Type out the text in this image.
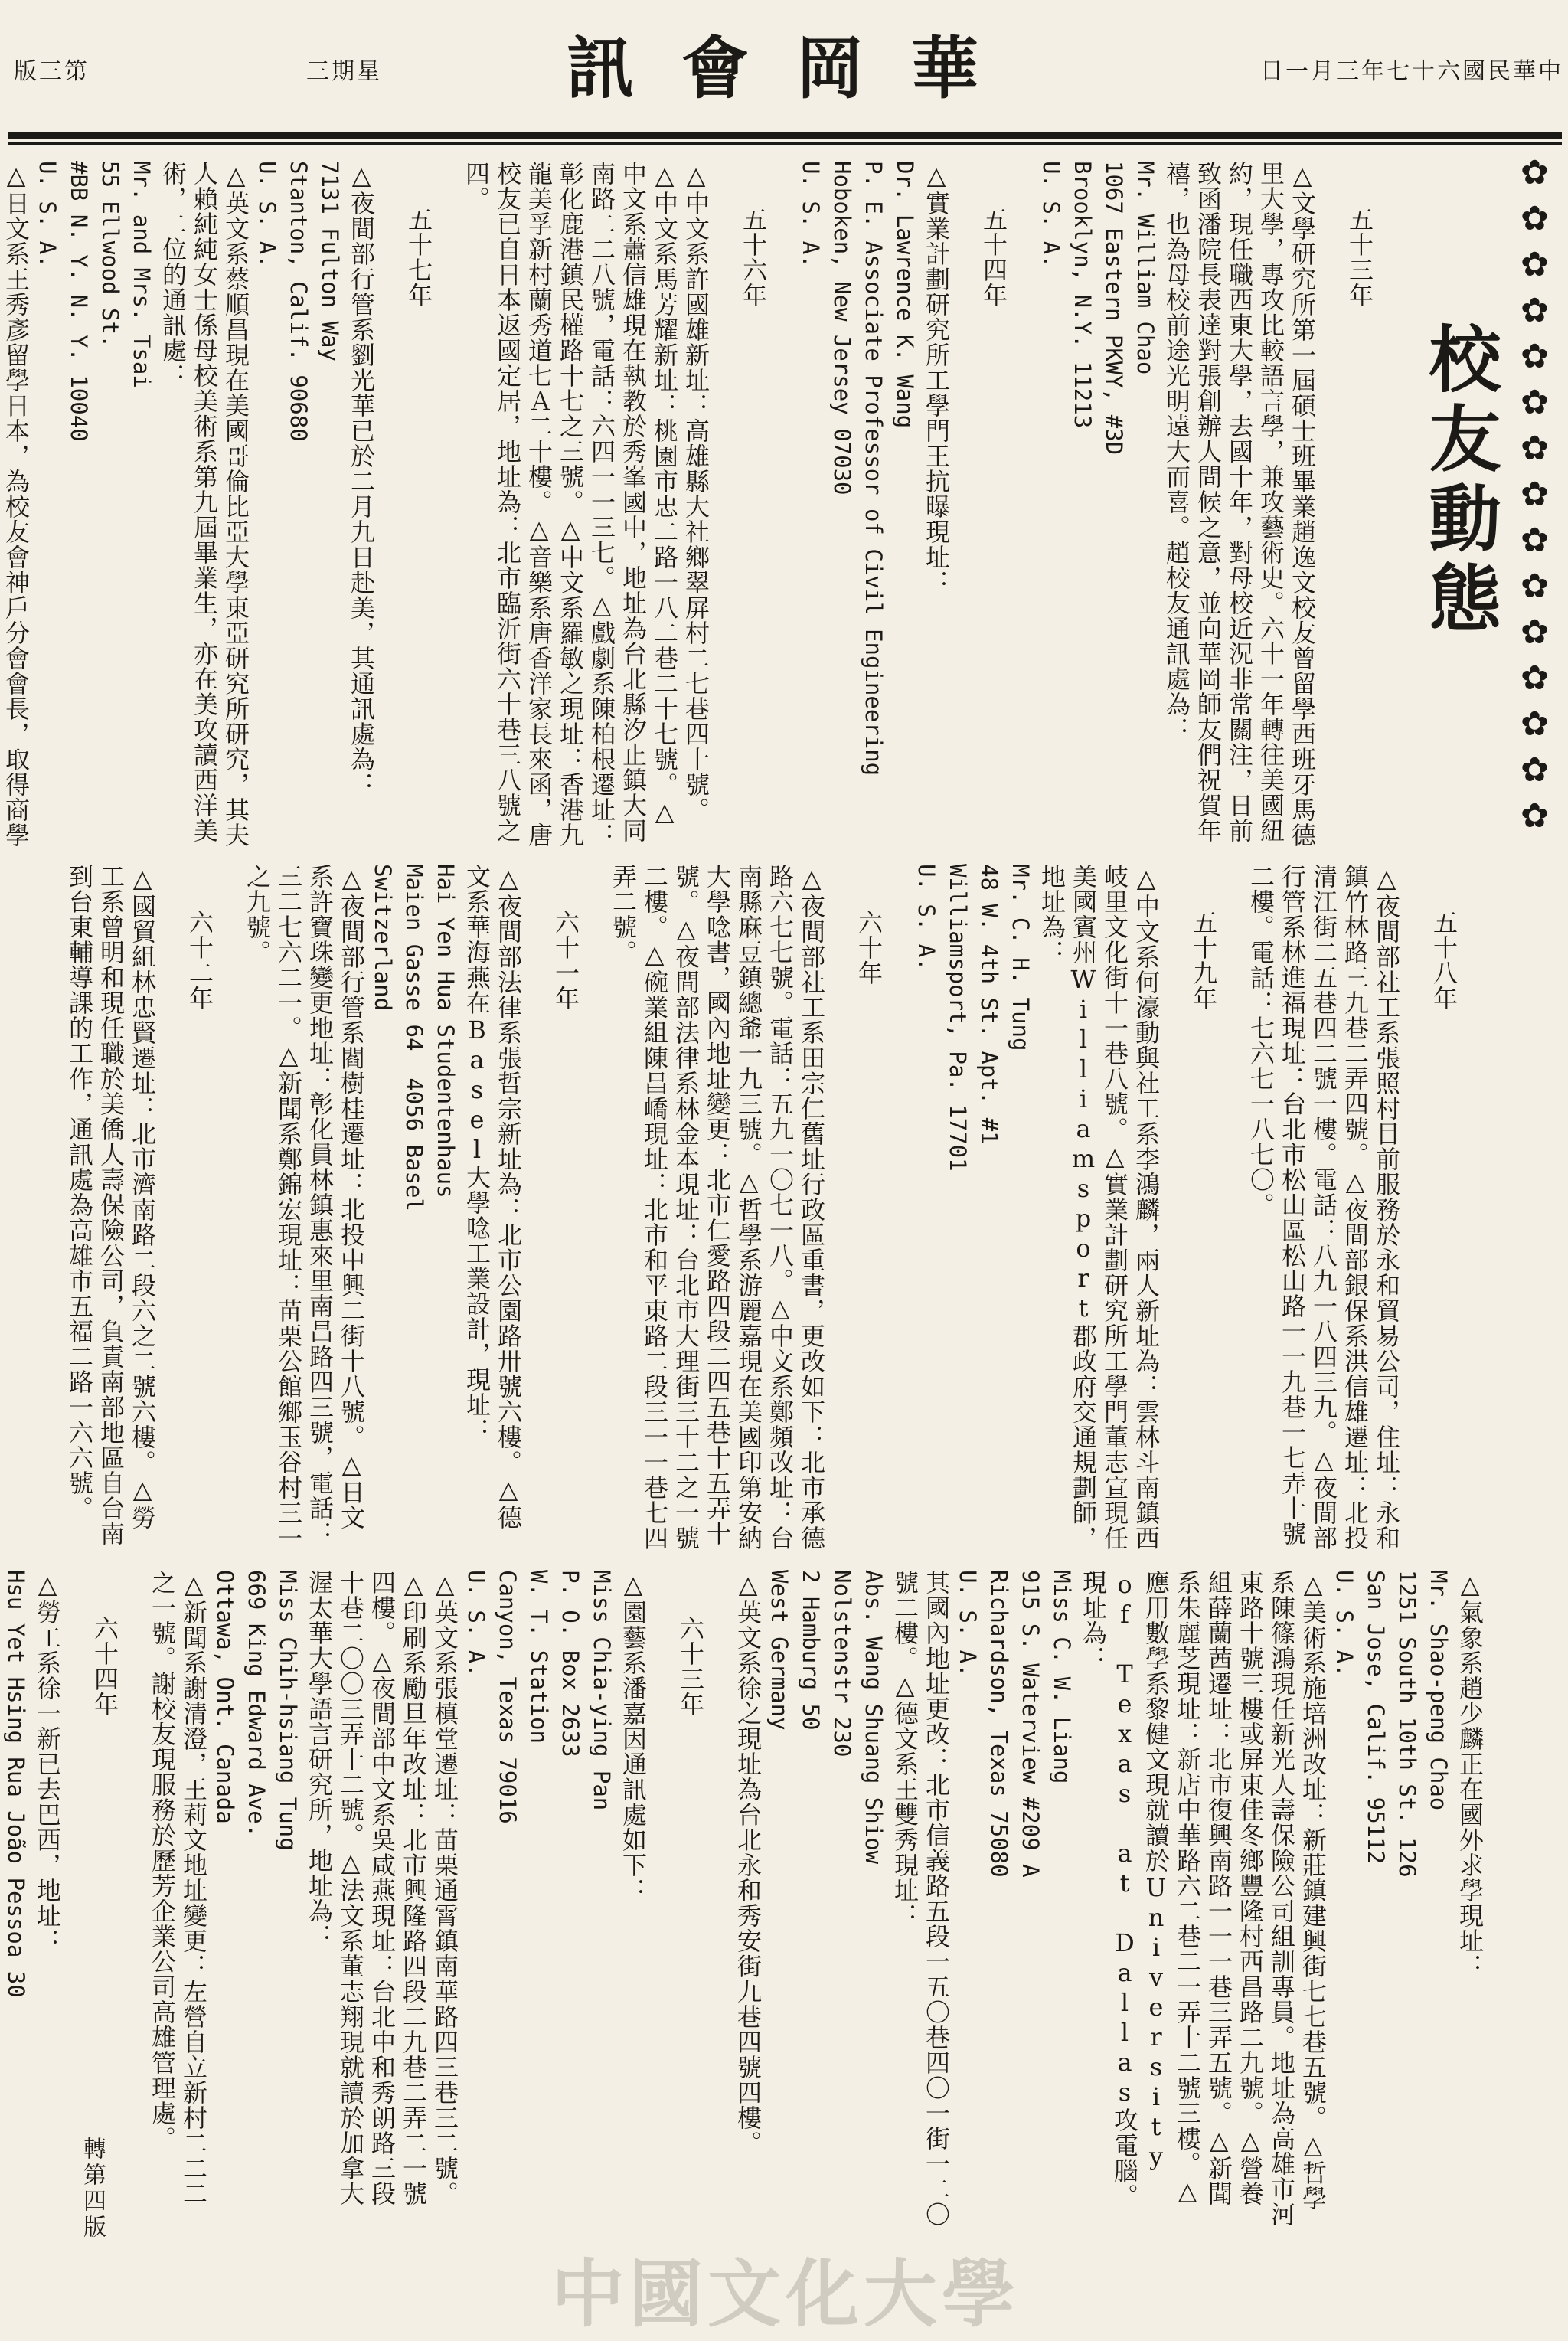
版三第	三期星	訊會岡華	日一月三年七十六國民華中
✿
✿
✿
✿
✿
✿
✿
✿
✿
✿
✿
✿
✿
✿
✿
校友動態

五十三年

△文學研究所第一屆碩士班畢業趙逸文校友曾留學西班牙馬德里大學，專攻比較語言學，兼攻藝術史。六十一年轉往美國紐約，現任職西東大學，去國十年，對母校近況非常關注，日前致函潘院長表達對張創辦人問候之意，並向華岡師友們祝賀年禧，也為母校前途光明遠大而喜。趙校友通訊處為：

Mr. William Chao
1067 Eastern PKWY, #3D
Brooklyn, N.Y. 11213
U. S. A.

五十四年

△實業計劃研究所工學門王抗曝現址：

Dr. Lawrence K. Wang
P. E. Associate Professor of Civil Engineering
Hoboken, New Jersey 07030
U. S. A.

五十六年

△中文系許國雄新址：高雄縣大社鄉翠屏村二七巷四十號。△中文系馬芳耀新址：桃園市忠二路一八二巷二十七號。△中文系蕭信雄現在執教於秀峯國中，地址為台北縣汐止鎮大同南路二二八號，電話：六四一一三七。△戲劇系陳柏根遷址：彰化鹿港鎮民權路十七之三號。△中文系羅敏之現址：香港九龍美孚新村蘭秀道七Ａ二十樓。△音樂系唐香洋家長來函，唐校友已自日本返國定居，地址為：北市臨沂街六十巷三八號之四。

五十七年

△夜間部行管系劉光華已於二月九日赴美，其通訊處為：

7131 Fulton Way
Stanton, Calif. 90680
U. S. A.

△英文系蔡順昌現在美國哥倫比亞大學東亞研究所研究，其夫人賴純純女士係母校美術系第九屆畢業生，亦在美攻讀西洋美術，二位的通訊處：

Mr. and Mrs. Tsai
55 Ellwood St.
#BB N. Y. N. Y. 10040
U. S. A.

△日文系王秀彥留學日本，為校友會神戶分會會長，取得商學

五十八年

△夜間部社工系張照村目前服務於永和貿易公司，住址：永和鎮竹林路三九巷二弄四號。△夜間部銀保系洪信雄遷址：北投清江街二五巷四二號一樓。電話：八九一八四三九。△夜間部行管系林進福現址：台北市松山區松山路一一九巷一七弄十號二樓。電話：七六七一八七〇。

五十九年

△中文系何濠動與社工系李鴻麟，兩人新址為：雲林斗南鎮西岐里文化街十一巷八號。△實業計劃研究所工學門董志宣現任美國賓州Williamsport郡政府交通規劃師，地址為：

Mr. C. H. Tung
48 W. 4th St. Apt. #1
Williamsport, Pa. 17701
U. S. A.

六十年

△夜間部社工系田宗仁舊址行政區重書，更改如下：北市承德路六七七號。電話：五九一〇七一八。△中文系鄭頻改址：台南縣麻豆鎮總爺一九三號。△哲學系游麗嘉現在美國印第安納大學唸書，國內地址變更：北市仁愛路四段二四五巷十五弄十號。△夜間部法律系林金本現址：台北市大理街三十二之一號二樓。△碗業組陳昌嶠現址：北市和平東路二段三一一巷七四弄二號。

六十一年

△夜間部法律系張哲宗新址為：北市公園路卅號六樓。△德文系華海燕在Basel大學唸工業設計，現址：

Hai Yen Hua Studentenhaus
Maien Gasse 64  4056 Basel
Switzerland

△夜間部行管系閻樹桂遷址：北投中興二街十八號。△日文系許寶珠變更地址：彰化員林鎮惠來里南昌路四三號，電話：三二七六二一。△新聞系鄭錦宏現址：苗栗公館鄉玉谷村三一之九號。

六十二年

△國貿組林忠賢遷址：北市濟南路二段六之二號六樓。△勞工系曾明和現任職於美僑人壽保險公司，負責南部地區自台南到台東輔導課的工作，通訊處為高雄市五福二路一六六號。

△氣象系趙少麟正在國外求學現址：

Mr. Shao-peng Chao
1251 South 10th St. 126
San Jose, Calif. 95112
U. S. A.

△美術系施培洲改址：新莊鎮建興街七七巷五號。△哲學系陳篠鴻現任新光人壽保險公司組訓專員。地址為高雄市河東路十號三樓或屏東佳冬鄉豐隆村西昌路二九號。△營養組薛蘭茜遷址：北市復興南路一一一巷三弄五號。△新聞系朱麗芝現址：新店中華路六二巷二一弄十二號三樓。△應用數學系黎健文現就讀於University of Texas at Dallas攻電腦。現址為：

Miss C. W. Liang
915 S. Waterview #209 A
Richardson, Texas 75080
U. S. A.

其國內地址更改：北市信義路五段一五〇巷四〇一街一二〇號二樓。△德文系王雙秀現址：

Abs. Wang Shuang Shiow
Nolstenstr 230
2 Hamburg 50
West Germany

△英文系徐之現址為台北永和秀安街九巷四號四樓。

六十三年

△園藝系潘嘉因通訊處如下：

Miss Chia-ying Pan
P. O. Box 2633
W. T. Station
Canyon, Texas 79016
U. S. A.

△英文系張槙堂遷址：苗栗通霄鎮南華路四三巷三二號。△印刷系勵旦年改址：北市興隆路四段二九巷二弄二一號四樓。△夜間部中文系吳咸燕現址：台北中和秀朗路三段十巷二〇〇三弄十二號。△法文系董志翔現就讀於加拿大渥太華大學語言研究所，地址為：

Miss Chih-hsiang Tung
669 King Edward Ave.
Ottawa, Ont. Canada

△新聞系謝清澄，王莉文地址變更：左營自立新村二二二之一號。謝校友現服務於歷芳企業公司高雄管理處。

六十四年

△勞工系徐一新已去巴西，地址：

Hsu Yet Hsing Rua João Pessoa 30

轉第四版
中國文化大學
